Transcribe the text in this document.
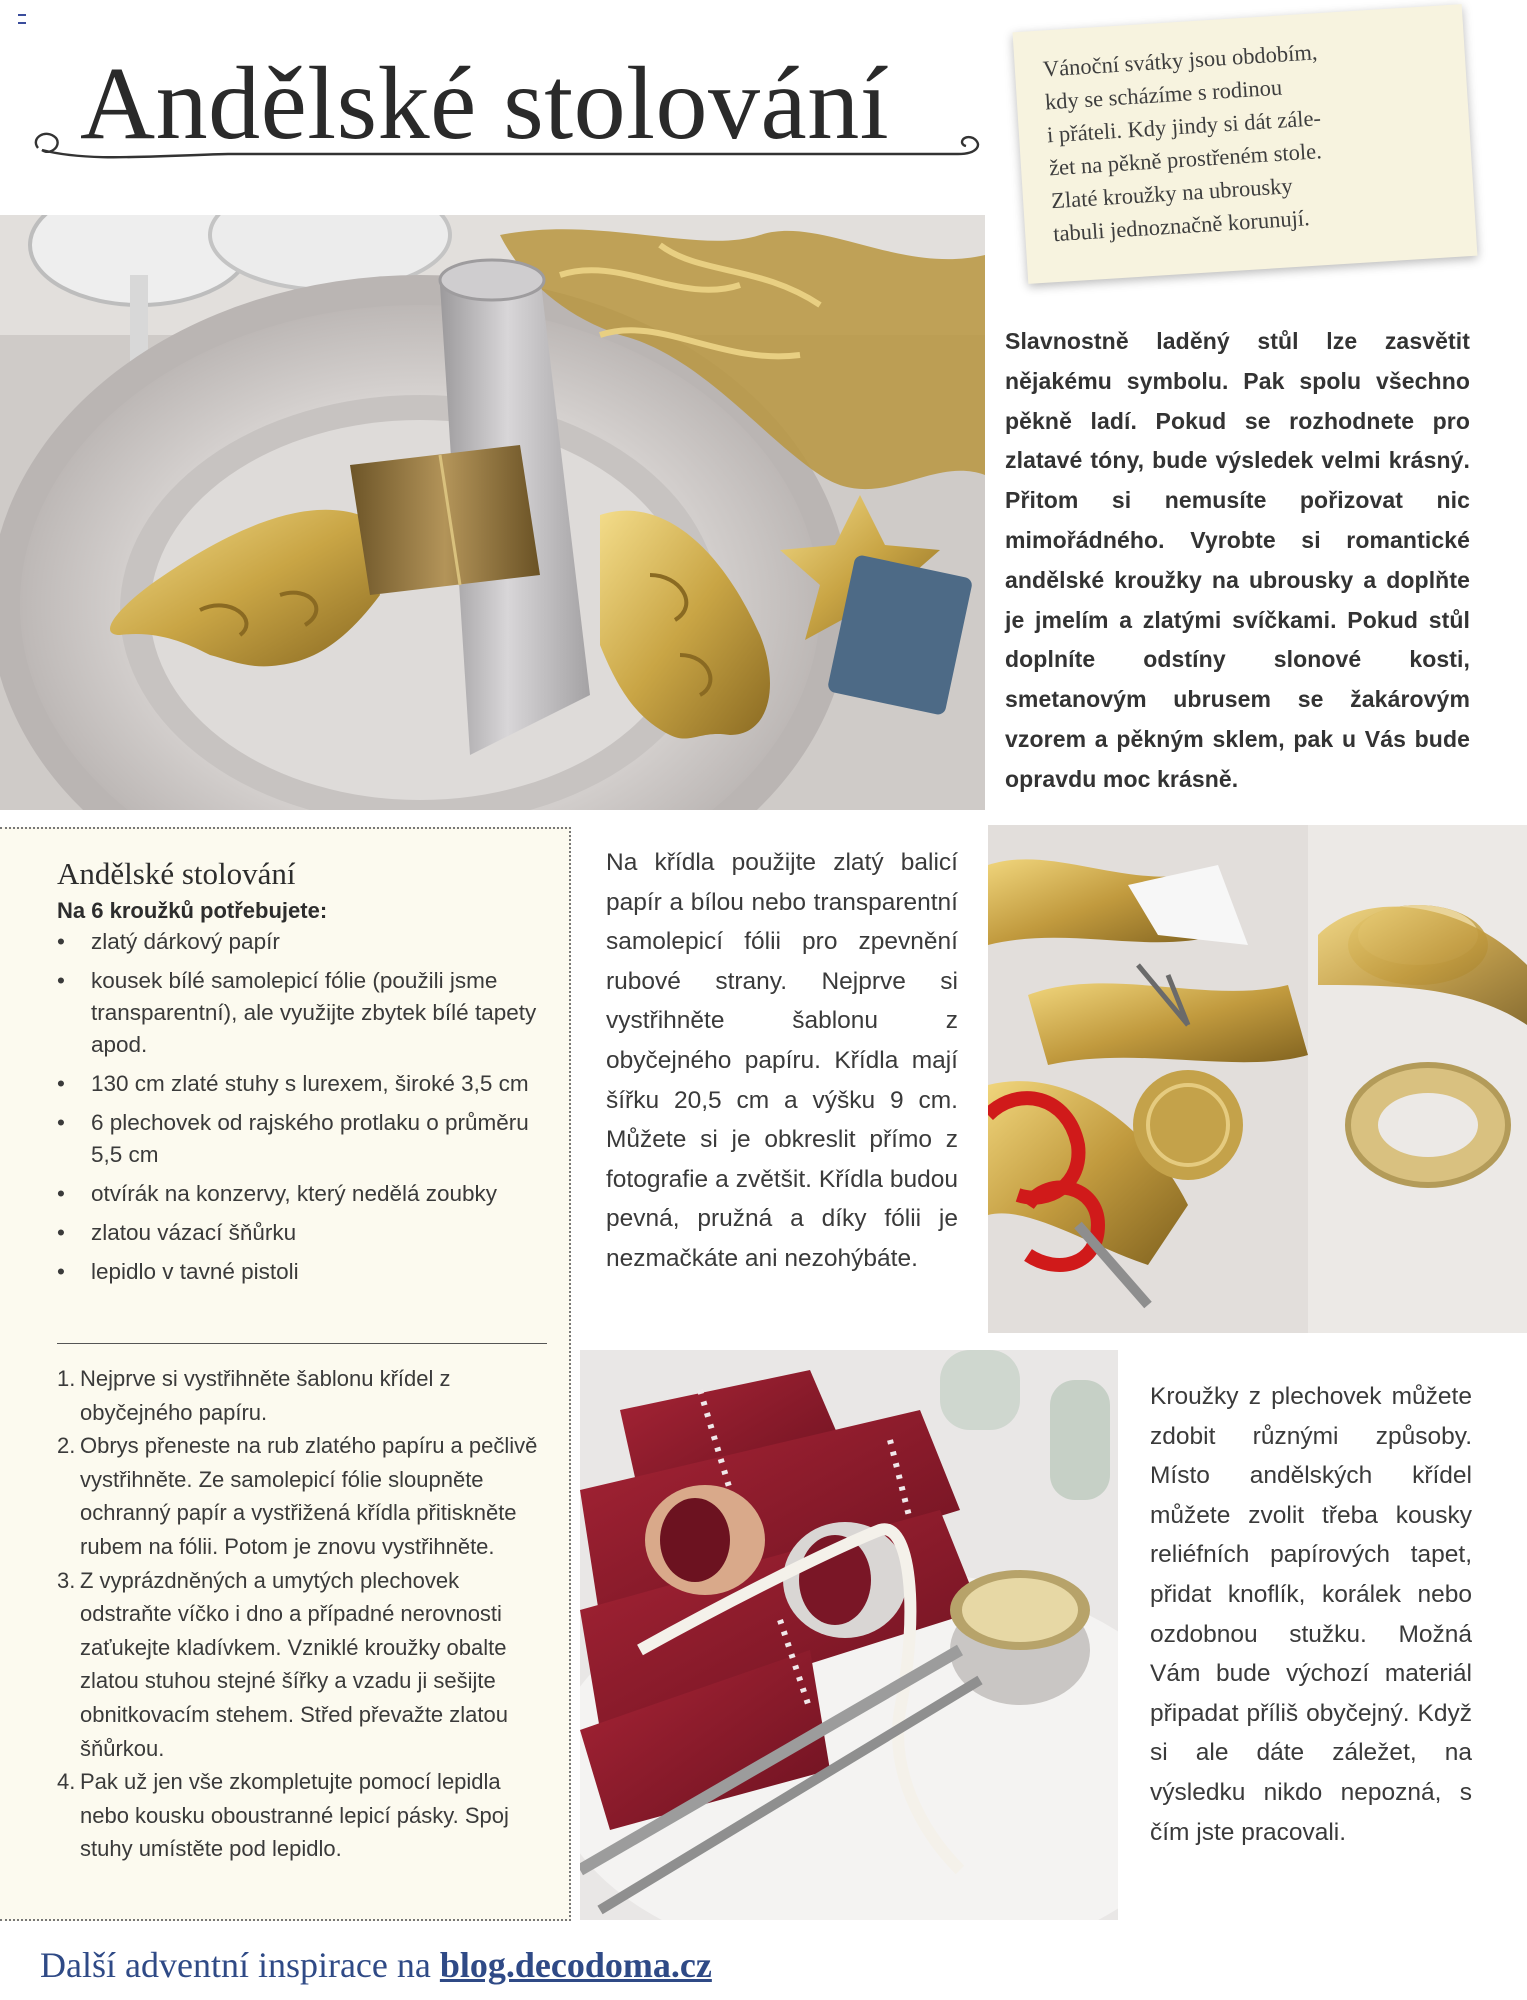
Andělské stolování	Vánoční svátky jsou obdobím,
kdy se scházíme s rodinou
i přáteli. Kdy jindy si dát zále-
žet na pěkně prostřeném stole.
Zlaté kroužky na ubrousky
tabuli jednoznačně korunují.
Slavnostně laděný stůl lze zasvětit nějakému symbolu. Pak spolu všechno pěkně ladí. Pokud se rozhodnete pro zlatavé tóny, bude výsledek velmi krásný. Přitom si nemusíte pořizovat nic mimořádného. Vyrobte si romantické andělské kroužky na ubrousky a doplňte je jmelím a zlatými svíčkami. Pokud stůl doplníte odstíny slonové kosti, smetanovým ubrusem se žakárovým vzorem a pěkným sklem, pak u Vás bude opravdu moc krásně.
Andělské stolování
Na 6 kroužků potřebujete:
• zlatý dárkový papír
• kousek bílé samolepicí fólie (použili jsme transparentní), ale využijte zbytek bílé tapety apod.
• 130 cm zlaté stuhy s lurexem, široké 3,5 cm
• 6 plechovek od rajského protlaku o průměru 5,5 cm
• otvírák na konzervy, který nedělá zoubky
• zlatou vázací šňůrku
• lepidlo v tavné pistoli
1. Nejprve si vystřihněte šablonu křídel z obyčejného papíru.
2. Obrys přeneste na rub zlatého papíru a pečlivě vystřihněte. Ze samolepicí fólie sloupněte ochranný papír a vystřižená křídla přitiskněte rubem na fólii. Potom je znovu vystřihněte.
3. Z vyprázdněných a umytých plechovek odstraňte víčko i dno a případné nerovnosti zaťukejte kladívkem. Vzniklé kroužky obalte zlatou stuhou stejné šířky a vzadu ji sešijte obnitkovacím stehem. Střed převažte zlatou šňůrkou.
4. Pak už jen vše zkompletujte pomocí lepidla nebo kousku oboustranné lepicí pásky. Spoj stuhy umístěte pod lepidlo.
Na křídla použijte zlatý balicí papír a bílou nebo transparentní samolepicí fólii pro zpevnění rubové strany. Nejprve si vystřihněte šablonu z obyčejného papíru. Křídla mají šířku 20,5 cm a výšku 9 cm. Můžete si je obkreslit přímo z fotografie a zvětšit. Křídla budou pevná, pružná a díky fólii je nezmačkáte ani nezohýbáte.
Kroužky z plechovek můžete zdobit různými způsoby. Místo andělských křídel můžete zvolit třeba kousky reliéfních papírových tapet, přidat knoflík, korálek nebo ozdobnou stužku. Možná Vám bude výchozí materiál připadat příliš obyčejný. Když si ale dáte záležet, na výsledku nikdo nepozná, s čím jste pracovali.
Další adventní inspirace na blog.decodoma.cz
